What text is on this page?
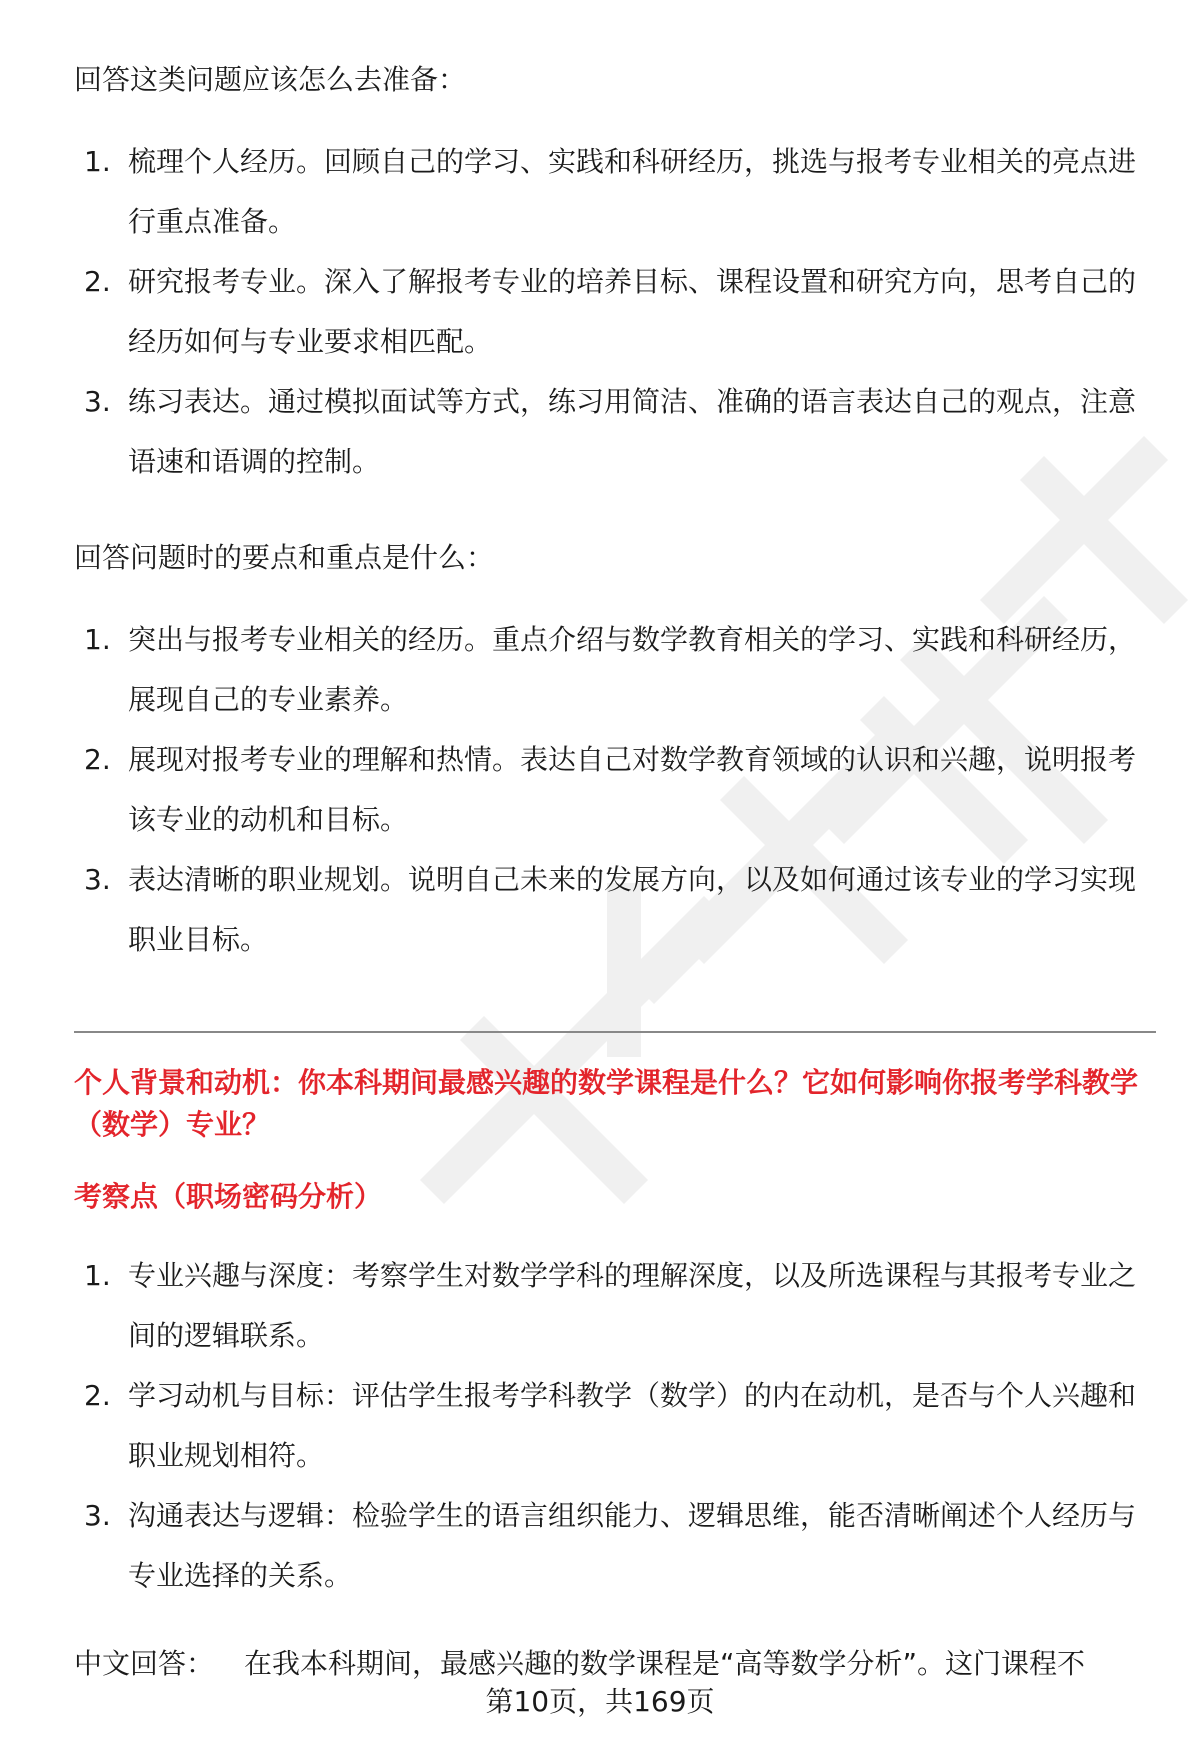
回答这类问题应该怎么去准备：
1. 梳理个人经历。回顾自己的学习、实践和科研经历，挑选与报考专业相关的亮点进行重点准备。
2. 研究报考专业。深入了解报考专业的培养目标、课程设置和研究方向，思考自己的经历如何与专业要求相匹配。
3. 练习表达。通过模拟面试等方式，练习用简洁、准确的语言表达自己的观点，注意语速和语调的控制。
回答问题时的要点和重点是什么：
1. 突出与报考专业相关的经历。重点介绍与数学教育相关的学习、实践和科研经历，展现自己的专业素养。
2. 展现对报考专业的理解和热情。表达自己对数学教育领域的认识和兴趣，说明报考该专业的动机和目标。
3. 表达清晰的职业规划。说明自己未来的发展方向，以及如何通过该专业的学习实现职业目标。
个人背景和动机：你本科期间最感兴趣的数学课程是什么？它如何影响你报考学科教学（数学）专业？
考察点（职场密码分析）
1. 专业兴趣与深度：考察学生对数学学科的理解深度，以及所选课程与其报考专业之间的逻辑联系。
2. 学习动机与目标：评估学生报考学科教学（数学）的内在动机，是否与个人兴趣和职业规划相符。
3. 沟通表达与逻辑：检验学生的语言组织能力、逻辑思维，能否清晰阐述个人经历与专业选择的关系。
中文回答： 在我本科期间，最感兴趣的数学课程是“高等数学分析”。这门课程不
第10页，共169页
